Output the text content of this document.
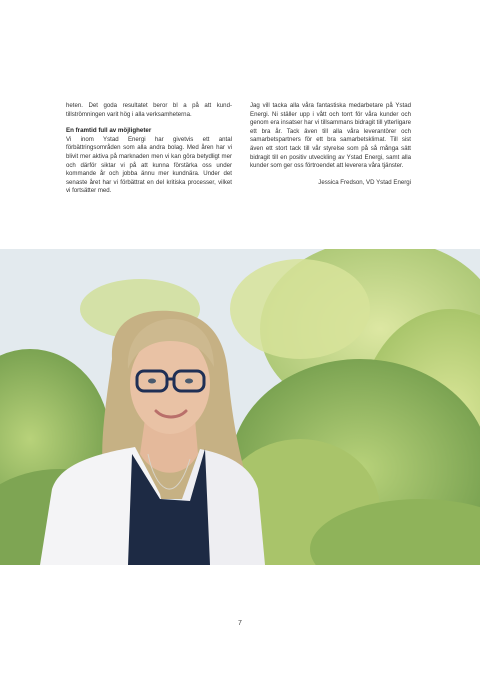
heten. Det goda resultatet beror bl a på att kund-tillströmningen varit hög i alla verksamheterna.

En framtid full av möjligheter

Vi inom Ystad Energi har givetvis ett antal förbättringsområden som alla andra bolag. Med åren har vi blivit mer aktiva på marknaden men vi kan göra betydligt mer och därför siktar vi på att kunna förstärka oss under kommande år och jobba ännu mer kundnära. Under det senaste året har vi förbättrat en del kritiska processer, vilket vi fortsätter med.

Jag vill tacka alla våra fantastiska medarbetare på Ystad Energi. Ni ställer upp i vått och torrt för våra kunder och genom era insatser har vi tillsammans bidragit till ytterligare ett bra år. Tack även till alla våra leverantörer och samarbetspartners för ett bra samarbetsklimat. Till sist även ett stort tack till vår styrelse som på så många sätt bidragit till en positiv utveckling av Ystad Energi, samt alla kunder som ger oss förtroendet att leverera våra tjänster.

Jessica Fredson, VD Ystad Energi

7
